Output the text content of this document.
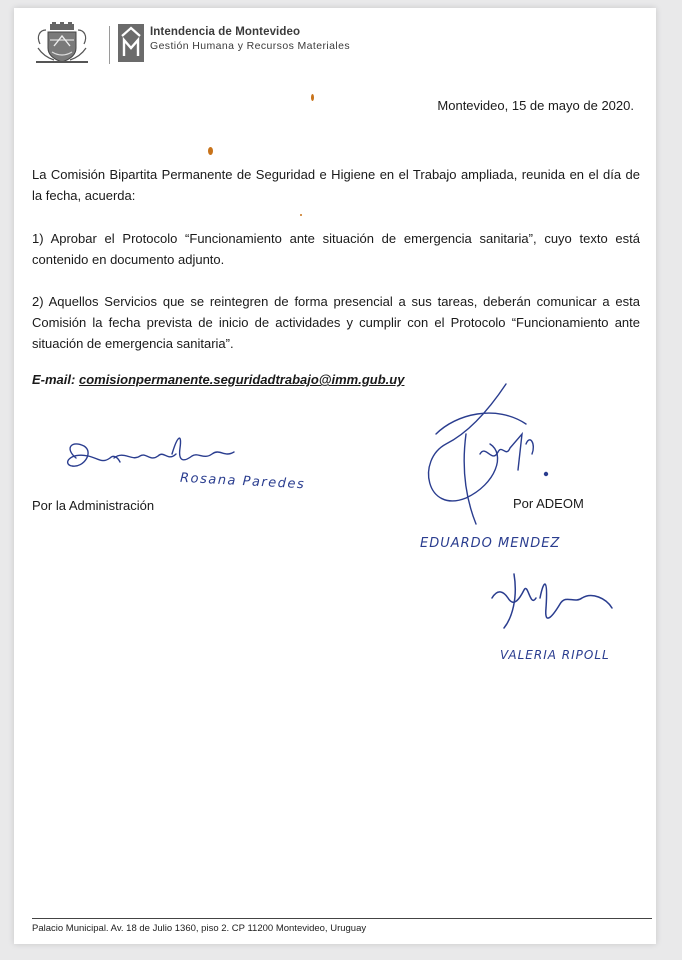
Intendencia de Montevideo
Gestión Humana y Recursos Materiales
Montevideo, 15 de mayo de 2020.
La Comisión Bipartita Permanente de Seguridad e Higiene en el Trabajo ampliada, reunida en el día de la fecha, acuerda:
1) Aprobar el Protocolo “Funcionamiento ante situación de emergencia sanitaria”, cuyo texto está contenido en documento adjunto.
2) Aquellos Servicios que se reintegren de forma presencial a sus tareas, deberán comunicar a esta Comisión la fecha prevista de inicio de actividades y cumplir con el Protocolo “Funcionamiento ante situación de emergencia sanitaria”.
E-mail: comisionpermanente.seguridadtrabajo@imm.gub.uy
Rosana Paredes
Por la Administración	Por ADEOM
EDUARDO MENDEZ
VALERIA RIPOLL
Palacio Municipal. Av. 18 de Julio 1360, piso 2. CP 11200 Montevideo, Uruguay
